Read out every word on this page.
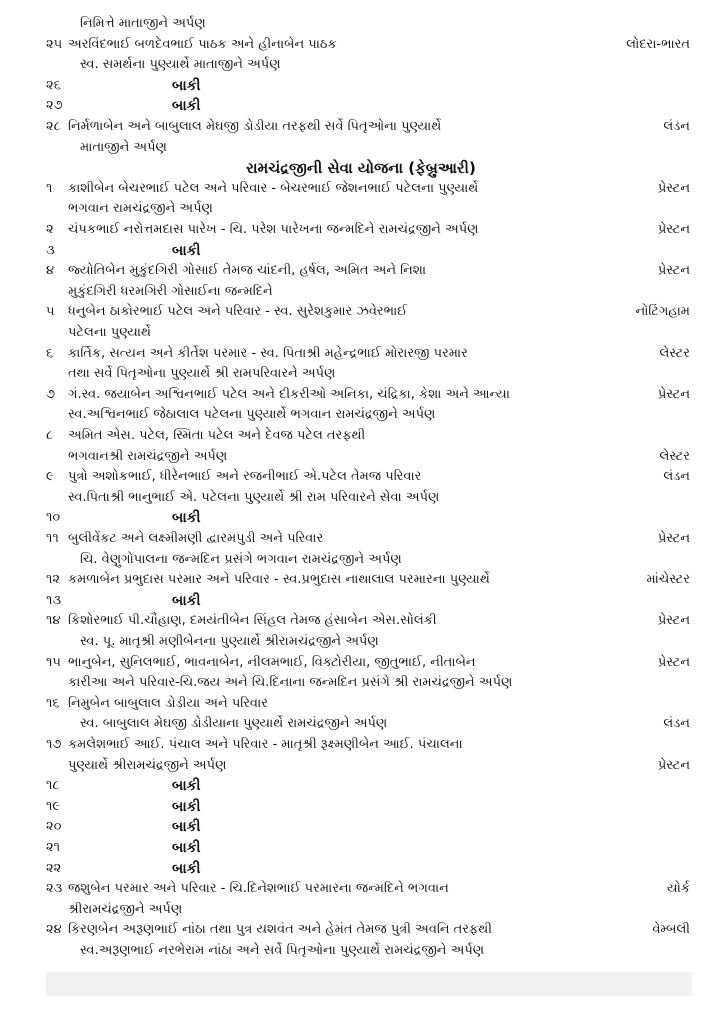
નિમિત્તે માતાજીને અર્પણ
૨૫ અરવિંદભાઈ બળદેવભાઈ પાઠક અને હીનાબેન પાઠક	લોદરા-ભારત
સ્વ. સમર્થના પુણ્યાર્થે માતાજીને અર્પણ
૨૬	બાકી
૨૭	બાકી
૨૮ નિર્મળાબેન અને બાબુલાલ મેઘજી ડોડીયા તરફથી સર્વે પિતૃઓના પુણ્યાર્થે	લંડન
માતાજીને અર્પણ
રામચંદ્રજીની સેવા યોજના (ફેબ્રુઆરી)
૧ કાશીબેન બેચરભાઈ પટેલ અને પરિવાર - બેચરભાઈ જેશનભાઈ પટેલના પુણ્યાર્થે	પ્રેસ્ટન
ભગવાન રામચંદ્રજીને અર્પણ
૨ ચંપકભાઈ નરોત્તમદાસ પારેખ - ચિ. પરેશ પારેખના જન્મદિને રામચંદ્રજીને અર્પણ	પ્રેસ્ટન
૩	બાકી
૪ જ્યોતિબેન મુકુંદગિરી ગોસાઈ તેમજ ચાંદની, હર્ષલ, અમિત અને નિશા	પ્રેસ્ટન
મુકુંદગિરી ધરમગિરી ગોસાઈના જન્મદિને
૫ ધનુબેન ઠાકોરભાઈ પટેલ અને પરિવાર - સ્વ. સુરેશકુમાર ઝવેરભાઈ	નોટિંગહામ
પટેલના પુણ્યાર્થે
૬ કાર્તિક, સત્યન અને કીર્તેશ પરમાર - સ્વ. પિતાશ્રી મહેન્દ્રભાઈ મોરારજી પરમાર	લેસ્ટર
તથા સર્વે પિતૃઓના પુણ્યાર્થે શ્રી રામપરિવારને અર્પણ
૭ ગં.સ્વ. જયાબેન અશ્વિનભાઈ પટેલ અને દીકરીઓ અનિકા, ચંદ્રિકા, કેશા અને આન્યા	પ્રેસ્ટન
સ્વ.અશ્વિનભાઈ જેઠાલાલ પટેલના પુણ્યાર્થે ભગવાન રામચંદ્રજીને અર્પણ
૮ અમિત એસ. પટેલ, સ્મિતા પટેલ અને દેવજ પટેલ તરફથી
ભગવાનશ્રી રામચંદ્રજીને અર્પણ	લેસ્ટર
૯ પુત્રો અશોકભાઈ, ધીરેનભાઈ અને રજનીભાઈ એ.પટેલ તેમજ પરિવાર	લંડન
સ્વ.પિતાશ્રી ભાનુભાઈ એ. પટેલના પુણ્યાર્થે શ્રી રામ પરિવારને સેવા અર્પણ
૧૦	બાકી
૧૧ બુલીવેંકટ અને લક્ષ્મીમણી દ્વારમપુડી અને પરિવાર	પ્રેસ્ટન
ચિ. વેણુગોપાલના જન્મદિન પ્રસંગે ભગવાન રામચંદ્રજીને અર્પણ
૧૨ કમળાબેન પ્રભુદાસ પરમાર અને પરિવાર - સ્વ.પ્રભુદાસ નાથાલાલ પરમારના પુણ્યાર્થે	માંચેસ્ટર
૧૩	બાકી
૧૪ કિશોરભાઈ પી.ચૌહાણ, દમયંતીબેન સિંહલ તેમજ હંસાબેન એસ.સોલંકી	પ્રેસ્ટન
સ્વ. પૂ. માતૃશ્રી મણીબેનના પુણ્યાર્થે શ્રીરામચંદ્રજીને અર્પણ
૧૫ ભાનુબેન, સુનિલભાઈ, ભાવનાબેન, નીલમભાઈ, વિક્ટોરીયા, જીતુભાઈ, નીતાબેન	પ્રેસ્ટન
કારીઆ અને પરિવાર-ચિ.જય અને ચિ.દિનાના જન્મદિન પ્રસંગે શ્રી રામચંદ્રજીને અર્પણ
૧૬ નિમુબેન બાબુલાલ ડોડીયા અને પરિવાર
સ્વ. બાબુલાલ મેઘજી ડોડીયાના પુણ્યાર્થે રામચંદ્રજીને અર્પણ	લંડન
૧૭ કમલેશભાઈ આઈ. પંચાલ અને પરિવાર - માતૃશ્રી રૂક્ષ્મણીબેન આઈ. પંચાલના
પુણ્યાર્થે શ્રીરામચંદ્રજીને અર્પણ	પ્રેસ્ટન
૧૮	બાકી
૧૯	બાકી
૨૦	બાકી
૨૧	બાકી
૨૨	બાકી
૨૩ જશુબેન પરમાર અને પરિવાર - ચિ.દિનેશભાઈ પરમારના જન્મદિને ભગવાન	યોર્ક
શ્રીરામચંદ્રજીને અર્પણ
૨૪ કિરણબેન અરૂણભાઈ નાંઠા તથા પુત્ર યશવંત અને હેમંત તેમજ પુત્રી અવનિ તરફથી	વેમ્બલી
સ્વ.અરૂણભાઈ નરભેરામ નાંઠા અને સર્વે પિતૃઓના પુણ્યાર્થે રામચંદ્રજીને અર્પણ
